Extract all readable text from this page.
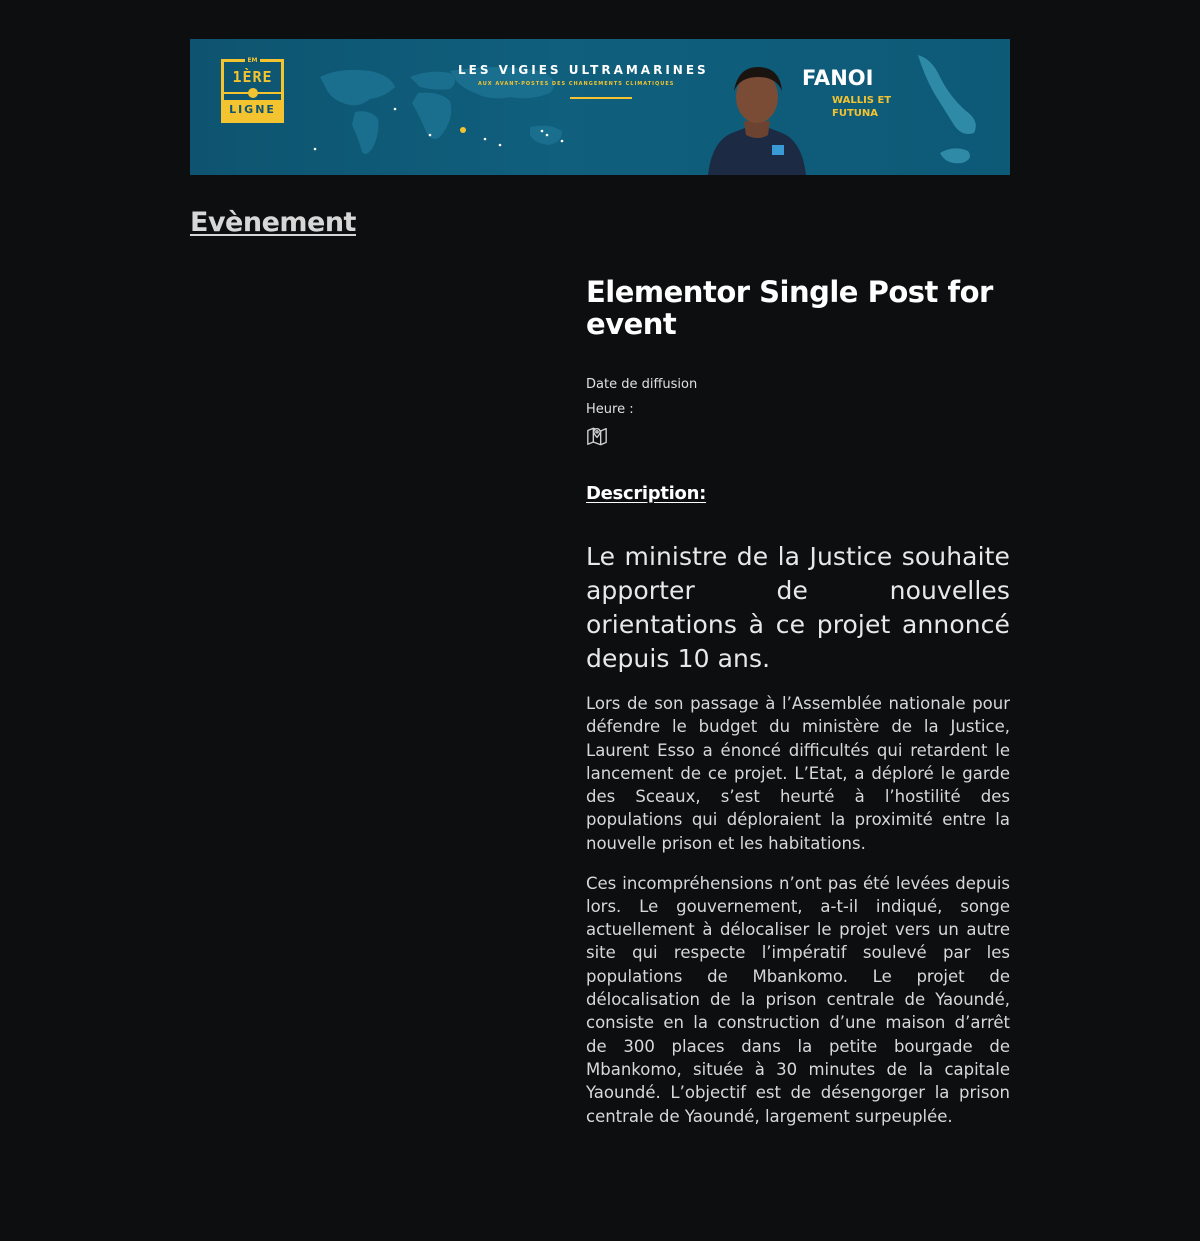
EM
1ÈRE
LIGNE
LES VIGIES ULTRAMARINES
AUX AVANT-POSTES DES CHANGEMENTS CLIMATIQUES	FANOI
WALLIS ET FUTUNA
Evènement
Elementor Single Post for event
Date de diffusion
Heure :
Description:
Le ministre de la Justice souhaite apporter de nouvelles orientations à ce projet annoncé depuis 10 ans.

Lors de son passage à l’Assemblée nationale pour défendre le budget du ministère de la Justice, Laurent Esso a énoncé difficultés qui retardent le lancement de ce projet. L’Etat, a déploré le garde des Sceaux, s’est heurté à l’hostilité des populations qui déploraient la proximité entre la nouvelle prison et les habitations.

Ces incompréhensions n’ont pas été levées depuis lors. Le gouvernement, a-t-il indiqué, songe actuellement à délocaliser le projet vers un autre site qui respecte l’impératif soulevé par les populations de Mbankomo. Le projet de délocalisation de la prison centrale de Yaoundé, consiste en la construction d’une maison d’arrêt de 300 places dans la petite bourgade de Mbankomo, située à 30 minutes de la capitale Yaoundé. L’objectif est de désengorger la prison centrale de Yaoundé, largement surpeuplée.
